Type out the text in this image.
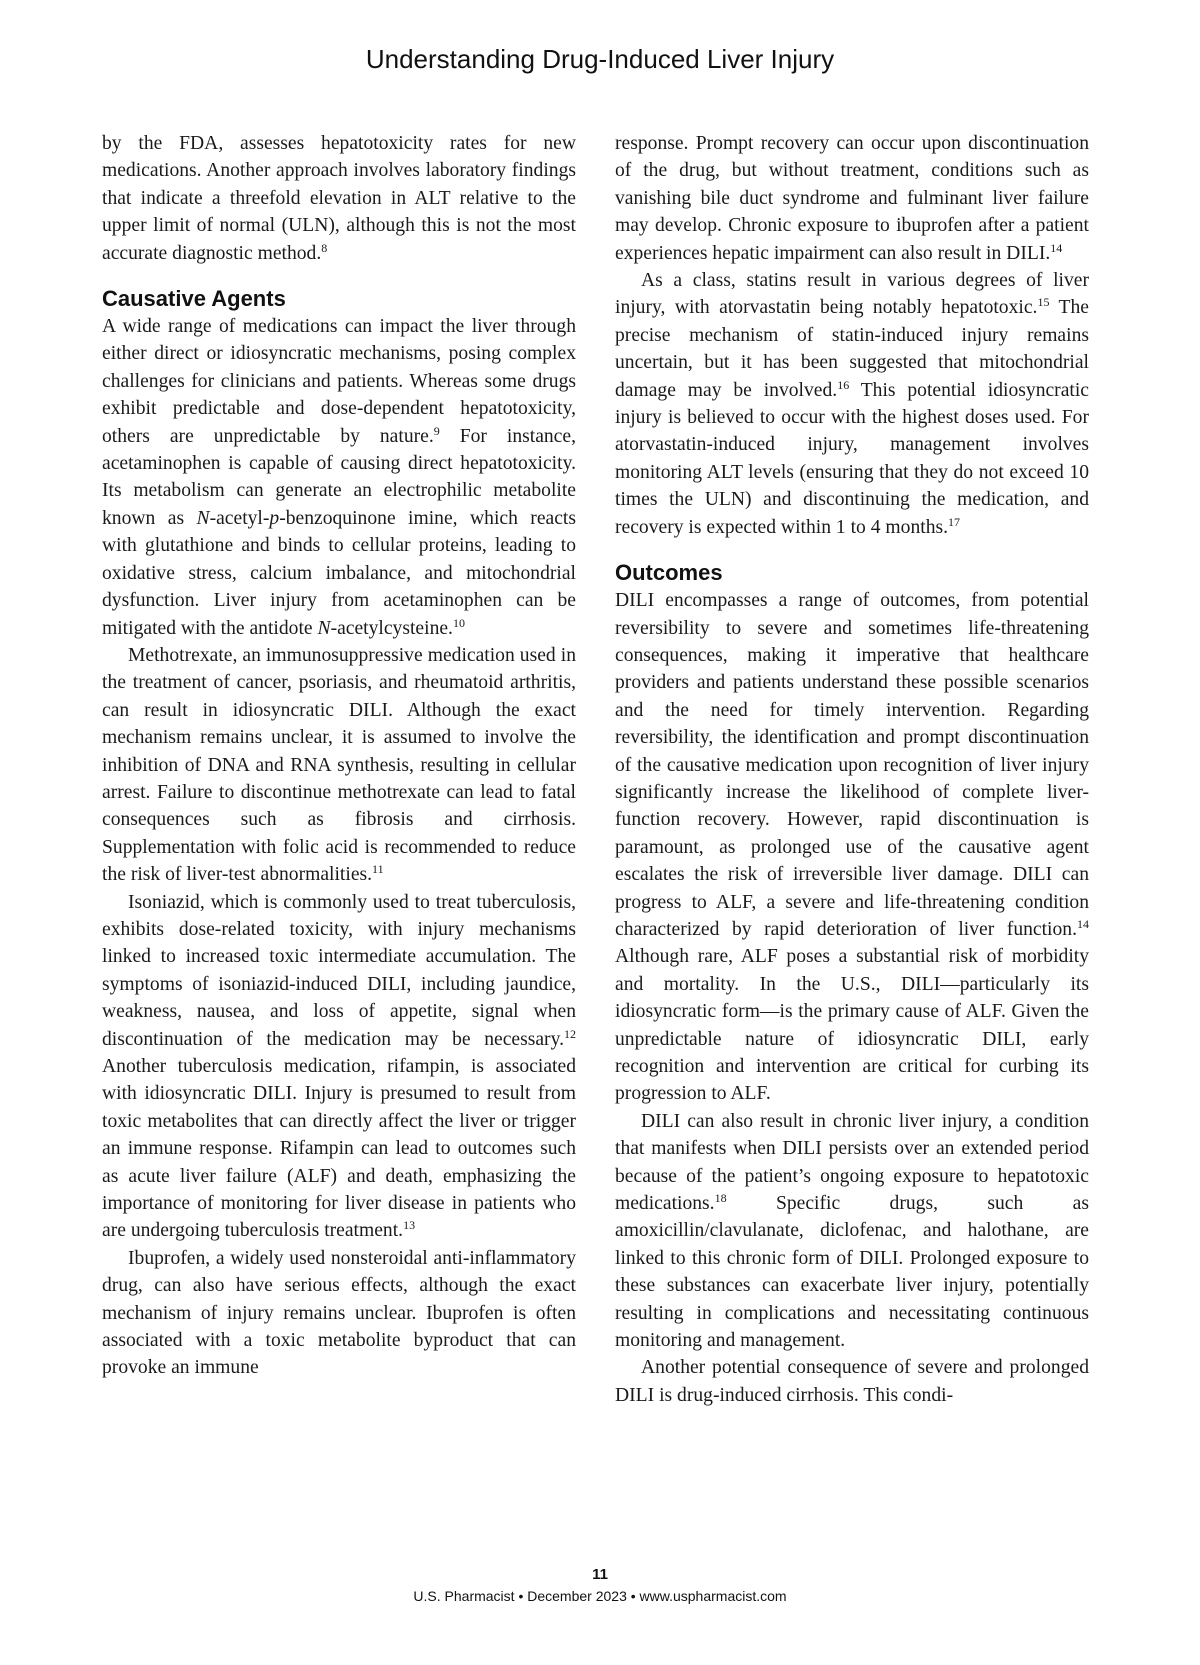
Understanding Drug-Induced Liver Injury

by the FDA, assesses hepatotoxicity rates for new medications. Another approach involves laboratory findings that indicate a threefold elevation in ALT relative to the upper limit of normal (ULN), although this is not the most accurate diagnostic method.$^8$

Causative Agents

A wide range of medications can impact the liver through either direct or idiosyncratic mechanisms, posing complex challenges for clinicians and patients. Whereas some drugs exhibit predictable and dose-dependent hepatotoxicity, others are unpredictable by nature.$^9$ For instance, acetaminophen is capable of causing direct hepatotoxicity. Its metabolism can generate an electrophilic metabolite known as N-acetyl-p-benzoquinone imine, which reacts with glutathione and binds to cellular proteins, leading to oxidative stress, calcium imbalance, and mitochondrial dysfunction. Liver injury from acetaminophen can be mitigated with the antidote N-acetylcysteine.$^{10}$

Methotrexate, an immunosuppressive medication used in the treatment of cancer, psoriasis, and rheumatoid arthritis, can result in idiosyncratic DILI. Although the exact mechanism remains unclear, it is assumed to involve the inhibition of DNA and RNA synthesis, resulting in cellular arrest. Failure to discontinue methotrexate can lead to fatal consequences such as fibrosis and cirrhosis. Supplementation with folic acid is recommended to reduce the risk of liver-test abnormalities.$^{11}$

Isoniazid, which is commonly used to treat tuberculosis, exhibits dose-related toxicity, with injury mechanisms linked to increased toxic intermediate accumulation. The symptoms of isoniazid-induced DILI, including jaundice, weakness, nausea, and loss of appetite, signal when discontinuation of the medication may be necessary.$^{12}$ Another tuberculosis medication, rifampin, is associated with idiosyncratic DILI. Injury is presumed to result from toxic metabolites that can directly affect the liver or trigger an immune response. Rifampin can lead to outcomes such as acute liver failure (ALF) and death, emphasizing the importance of monitoring for liver disease in patients who are undergoing tuberculosis treatment.$^{13}$

Ibuprofen, a widely used nonsteroidal anti-inflammatory drug, can also have serious effects, although the exact mechanism of injury remains unclear. Ibuprofen is often associated with a toxic metabolite byproduct that can provoke an immune

response. Prompt recovery can occur upon discontinuation of the drug, but without treatment, conditions such as vanishing bile duct syndrome and fulminant liver failure may develop. Chronic exposure to ibuprofen after a patient experiences hepatic impairment can also result in DILI.$^{14}$

As a class, statins result in various degrees of liver injury, with atorvastatin being notably hepatotoxic.$^{15}$ The precise mechanism of statin-induced injury remains uncertain, but it has been suggested that mitochondrial damage may be involved.$^{16}$ This potential idiosyncratic injury is believed to occur with the highest doses used. For atorvastatin-induced injury, management involves monitoring ALT levels (ensuring that they do not exceed 10 times the ULN) and discontinuing the medication, and recovery is expected within 1 to 4 months.$^{17}$

Outcomes

DILI encompasses a range of outcomes, from potential reversibility to severe and sometimes life-threatening consequences, making it imperative that healthcare providers and patients understand these possible scenarios and the need for timely intervention. Regarding reversibility, the identification and prompt discontinuation of the causative medication upon recognition of liver injury significantly increase the likelihood of complete liver-function recovery. However, rapid discontinuation is paramount, as prolonged use of the causative agent escalates the risk of irreversible liver damage. DILI can progress to ALF, a severe and life-threatening condition characterized by rapid deterioration of liver function.$^{14}$ Although rare, ALF poses a substantial risk of morbidity and mortality. In the U.S., DILI—particularly its idiosyncratic form—is the primary cause of ALF. Given the unpredictable nature of idiosyncratic DILI, early recognition and intervention are critical for curbing its progression to ALF.

DILI can also result in chronic liver injury, a condition that manifests when DILI persists over an extended period because of the patient’s ongoing exposure to hepatotoxic medications.$^{18}$ Specific drugs, such as amoxicillin/clavulanate, diclofenac, and halothane, are linked to this chronic form of DILI. Prolonged exposure to these substances can exacerbate liver injury, potentially resulting in complications and necessitating continuous monitoring and management.

Another potential consequence of severe and prolonged DILI is drug-induced cirrhosis. This condi-

11
U.S. Pharmacist • December 2023 • www.uspharmacist.com
